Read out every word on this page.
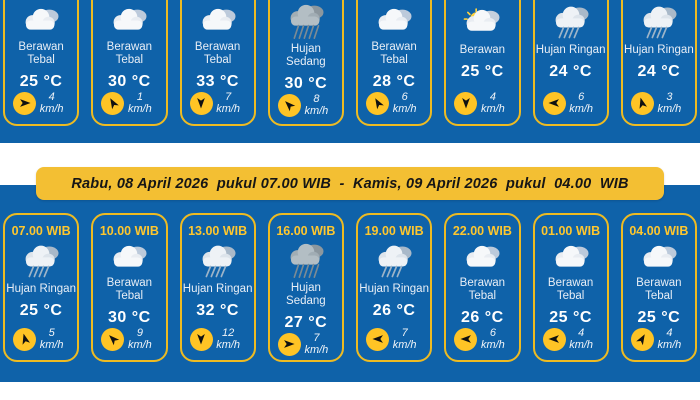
Berawan Tebal
25 °C
4 km/h
Berawan Tebal
30 °C
1 km/h
Berawan Tebal
33 °C
7 km/h
Hujan Sedang
30 °C
8 km/h
Berawan Tebal
28 °C
6 km/h
Berawan
25 °C
4 km/h
Hujan Ringan
24 °C
6 km/h
Hujan Ringan
24 °C
3 km/h
Rabu, 08 April 2026  pukul 07.00 WIB  -  Kamis, 09 April 2026  pukul  04.00  WIB
07.00 WIB
Hujan Ringan
25 °C
5 km/h
10.00 WIB
Berawan Tebal
30 °C
9 km/h
13.00 WIB
Hujan Ringan
32 °C
12 km/h
16.00 WIB
Hujan Sedang
27 °C
7 km/h
19.00 WIB
Hujan Ringan
26 °C
7 km/h
22.00 WIB
Berawan Tebal
26 °C
6 km/h
01.00 WIB
Berawan Tebal
25 °C
4 km/h
04.00 WIB
Berawan Tebal
25 °C
4 km/h
